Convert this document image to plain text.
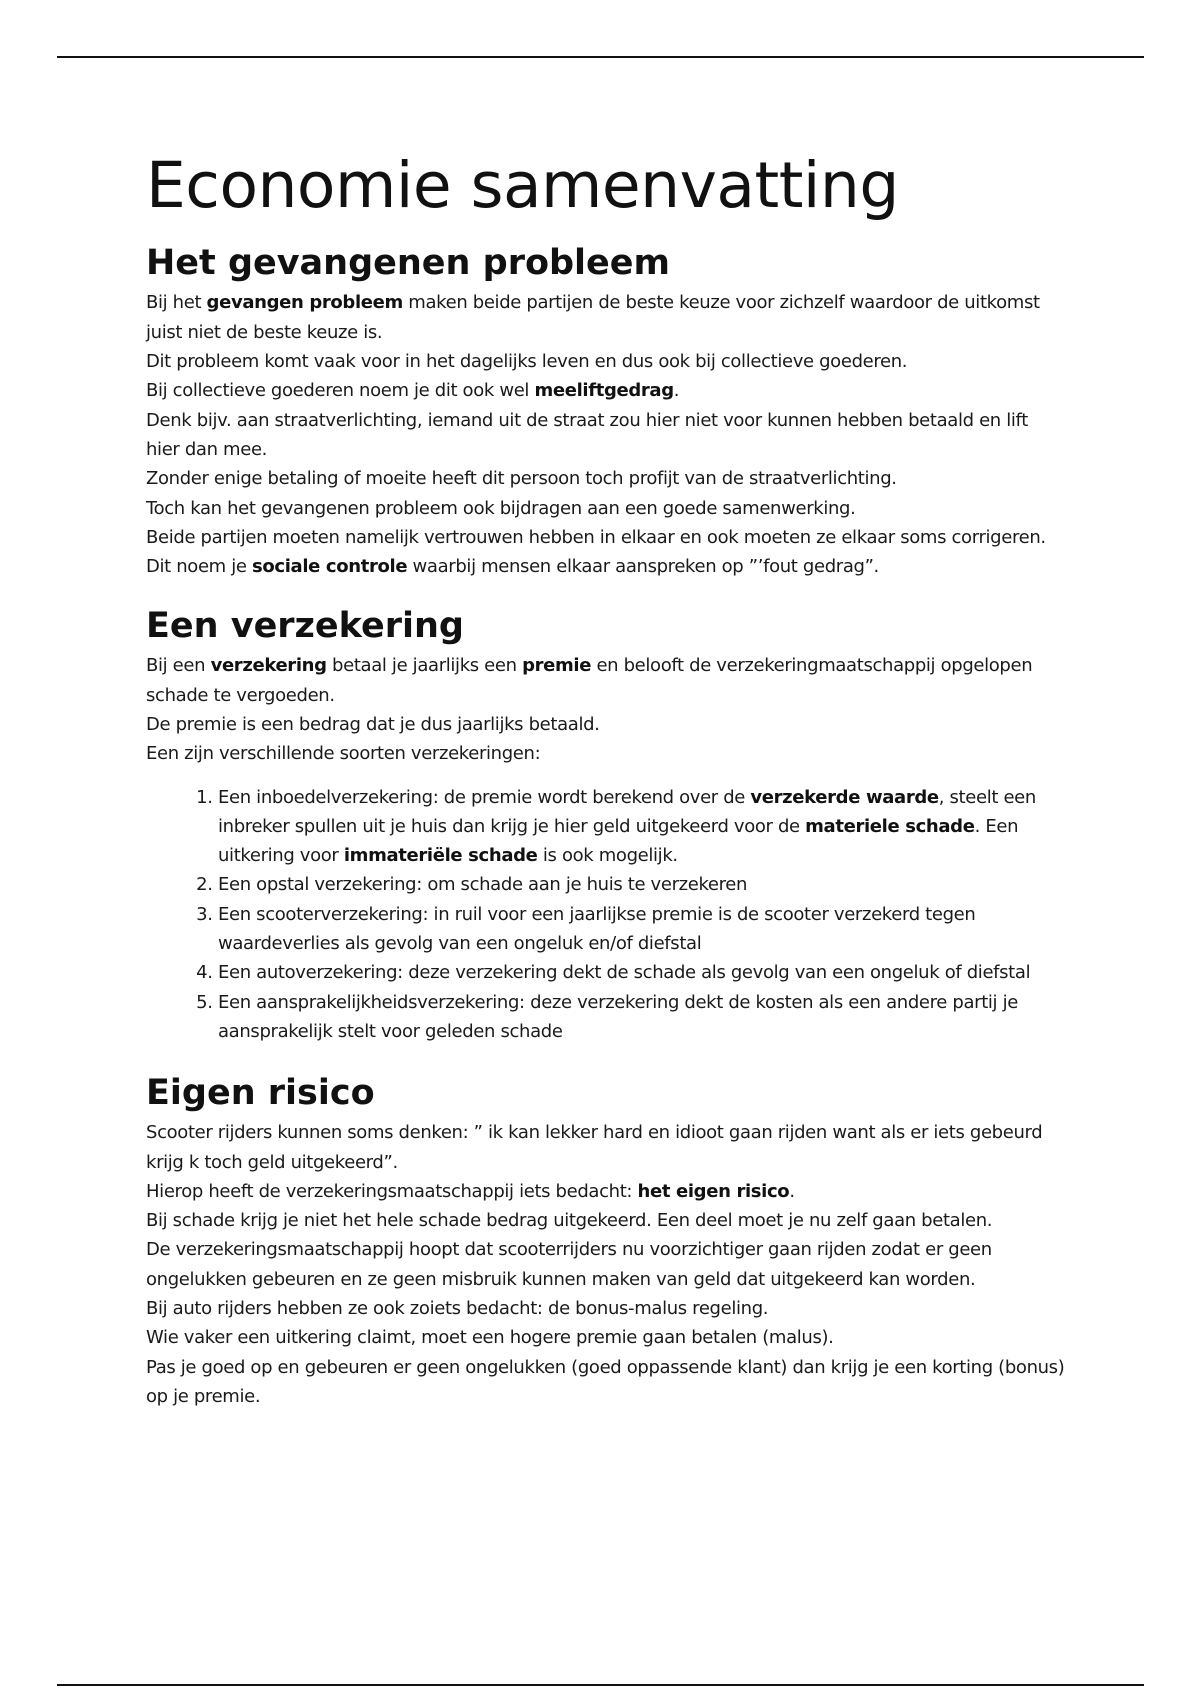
Economie samenvatting
Het gevangenen probleem

Bij het gevangen probleem maken beide partijen de beste keuze voor zichzelf waardoor de uitkomst juist niet de beste keuze is.

Dit probleem komt vaak voor in het dagelijks leven en dus ook bij collectieve goederen.

Bij collectieve goederen noem je dit ook wel meeliftgedrag.

Denk bijv. aan straatverlichting, iemand uit de straat zou hier niet voor kunnen hebben betaald en lift hier dan mee.

Zonder enige betaling of moeite heeft dit persoon toch profijt van de straatverlichting.

Toch kan het gevangenen probleem ook bijdragen aan een goede samenwerking.

Beide partijen moeten namelijk vertrouwen hebben in elkaar en ook moeten ze elkaar soms corrigeren.

Dit noem je sociale controle waarbij mensen elkaar aanspreken op ”’fout gedrag”.

Een verzekering

Bij een verzekering betaal je jaarlijks een premie en belooft de verzekeringmaatschappij opgelopen schade te vergoeden.

De premie is een bedrag dat je dus jaarlijks betaald.

Een zijn verschillende soorten verzekeringen:

1. Een inboedelverzekering: de premie wordt berekend over de verzekerde waarde, steelt een inbreker spullen uit je huis dan krijg je hier geld uitgekeerd voor de materiele schade. Een uitkering voor immateriële schade is ook mogelijk.
2. Een opstal verzekering: om schade aan je huis te verzekeren
3. Een scooterverzekering: in ruil voor een jaarlijkse premie is de scooter verzekerd tegen waardeverlies als gevolg van een ongeluk en/of diefstal
4. Een autoverzekering: deze verzekering dekt de schade als gevolg van een ongeluk of diefstal
5. Een aansprakelijkheidsverzekering: deze verzekering dekt de kosten als een andere partij je aansprakelijk stelt voor geleden schade
Eigen risico

Scooter rijders kunnen soms denken: ” ik kan lekker hard en idioot gaan rijden want als er iets gebeurd krijg k toch geld uitgekeerd”.

Hierop heeft de verzekeringsmaatschappij iets bedacht: het eigen risico.

Bij schade krijg je niet het hele schade bedrag uitgekeerd. Een deel moet je nu zelf gaan betalen.

De verzekeringsmaatschappij hoopt dat scooterrijders nu voorzichtiger gaan rijden zodat er geen ongelukken gebeuren en ze geen misbruik kunnen maken van geld dat uitgekeerd kan worden.

Bij auto rijders hebben ze ook zoiets bedacht: de bonus-malus regeling.

Wie vaker een uitkering claimt, moet een hogere premie gaan betalen (malus).

Pas je goed op en gebeuren er geen ongelukken (goed oppassende klant) dan krijg je een korting (bonus) op je premie.
